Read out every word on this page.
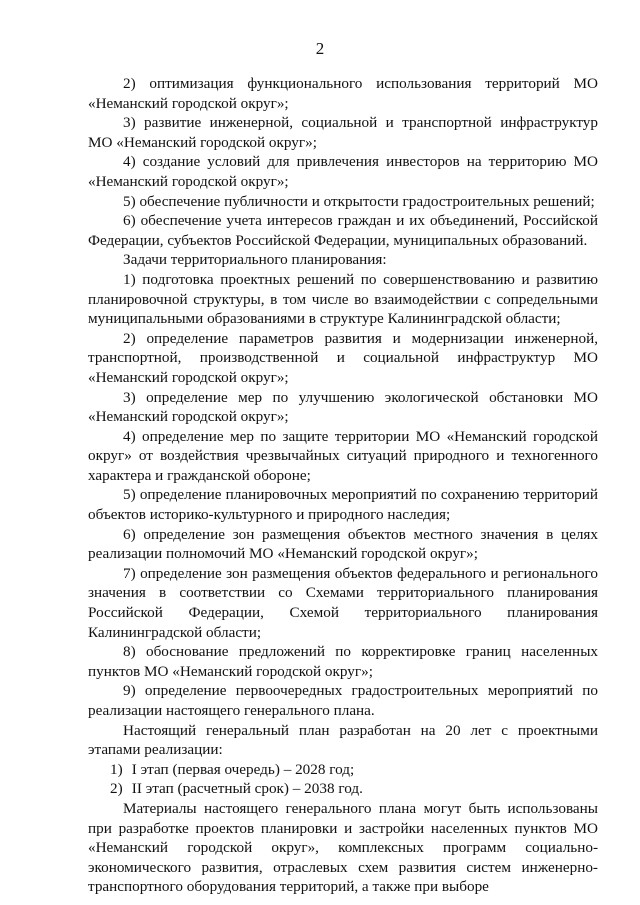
2

2) оптимизация функционального использования территорий МО «Неманский городской округ»;

3) развитие инженерной, социальной и транспортной инфраструктур МО «Неманский городской округ»;

4) создание условий для привлечения инвесторов на территорию МО «Неманский городской округ»;

5) обеспечение публичности и открытости градостроительных решений;

6) обеспечение учета интересов граждан и их объединений, Российской Федерации, субъектов Российской Федерации, муниципальных образований.

Задачи территориального планирования:

1) подготовка проектных решений по совершенствованию и развитию планировочной структуры, в том числе во взаимодействии с сопредельными муниципальными образованиями в структуре Калининградской области;

2) определение параметров развития и модернизации инженерной, транспортной, производственной и социальной инфраструктур МО «Неманский городской округ»;

3) определение мер по улучшению экологической обстановки МО «Неманский городской округ»;

4) определение мер по защите территории МО «Неманский городской округ» от воздействия чрезвычайных ситуаций природного и техногенного характера и гражданской обороне;

5) определение планировочных мероприятий по сохранению территорий объектов историко-культурного и природного наследия;

6) определение зон размещения объектов местного значения в целях реализации полномочий МО «Неманский городской округ»;

7) определение зон размещения объектов федерального и регионального значения в соответствии со Схемами территориального планирования Российской Федерации, Схемой территориального планирования Калининградской области;

8) обоснование предложений по корректировке границ населенных пунктов МО «Неманский городской округ»;

9) определение первоочередных градостроительных мероприятий по реализации настоящего генерального плана.

Настоящий генеральный план разработан на 20 лет с проектными этапами реализации:

1) I этап (первая очередь) – 2028 год;

2) II этап (расчетный срок) – 2038 год.

Материалы настоящего генерального плана могут быть использованы при разработке проектов планировки и застройки населенных пунктов МО «Неманский городской округ», комплексных программ социально-экономического развития, отраслевых схем развития систем инженерно-транспортного оборудования территорий, а также при выборе
